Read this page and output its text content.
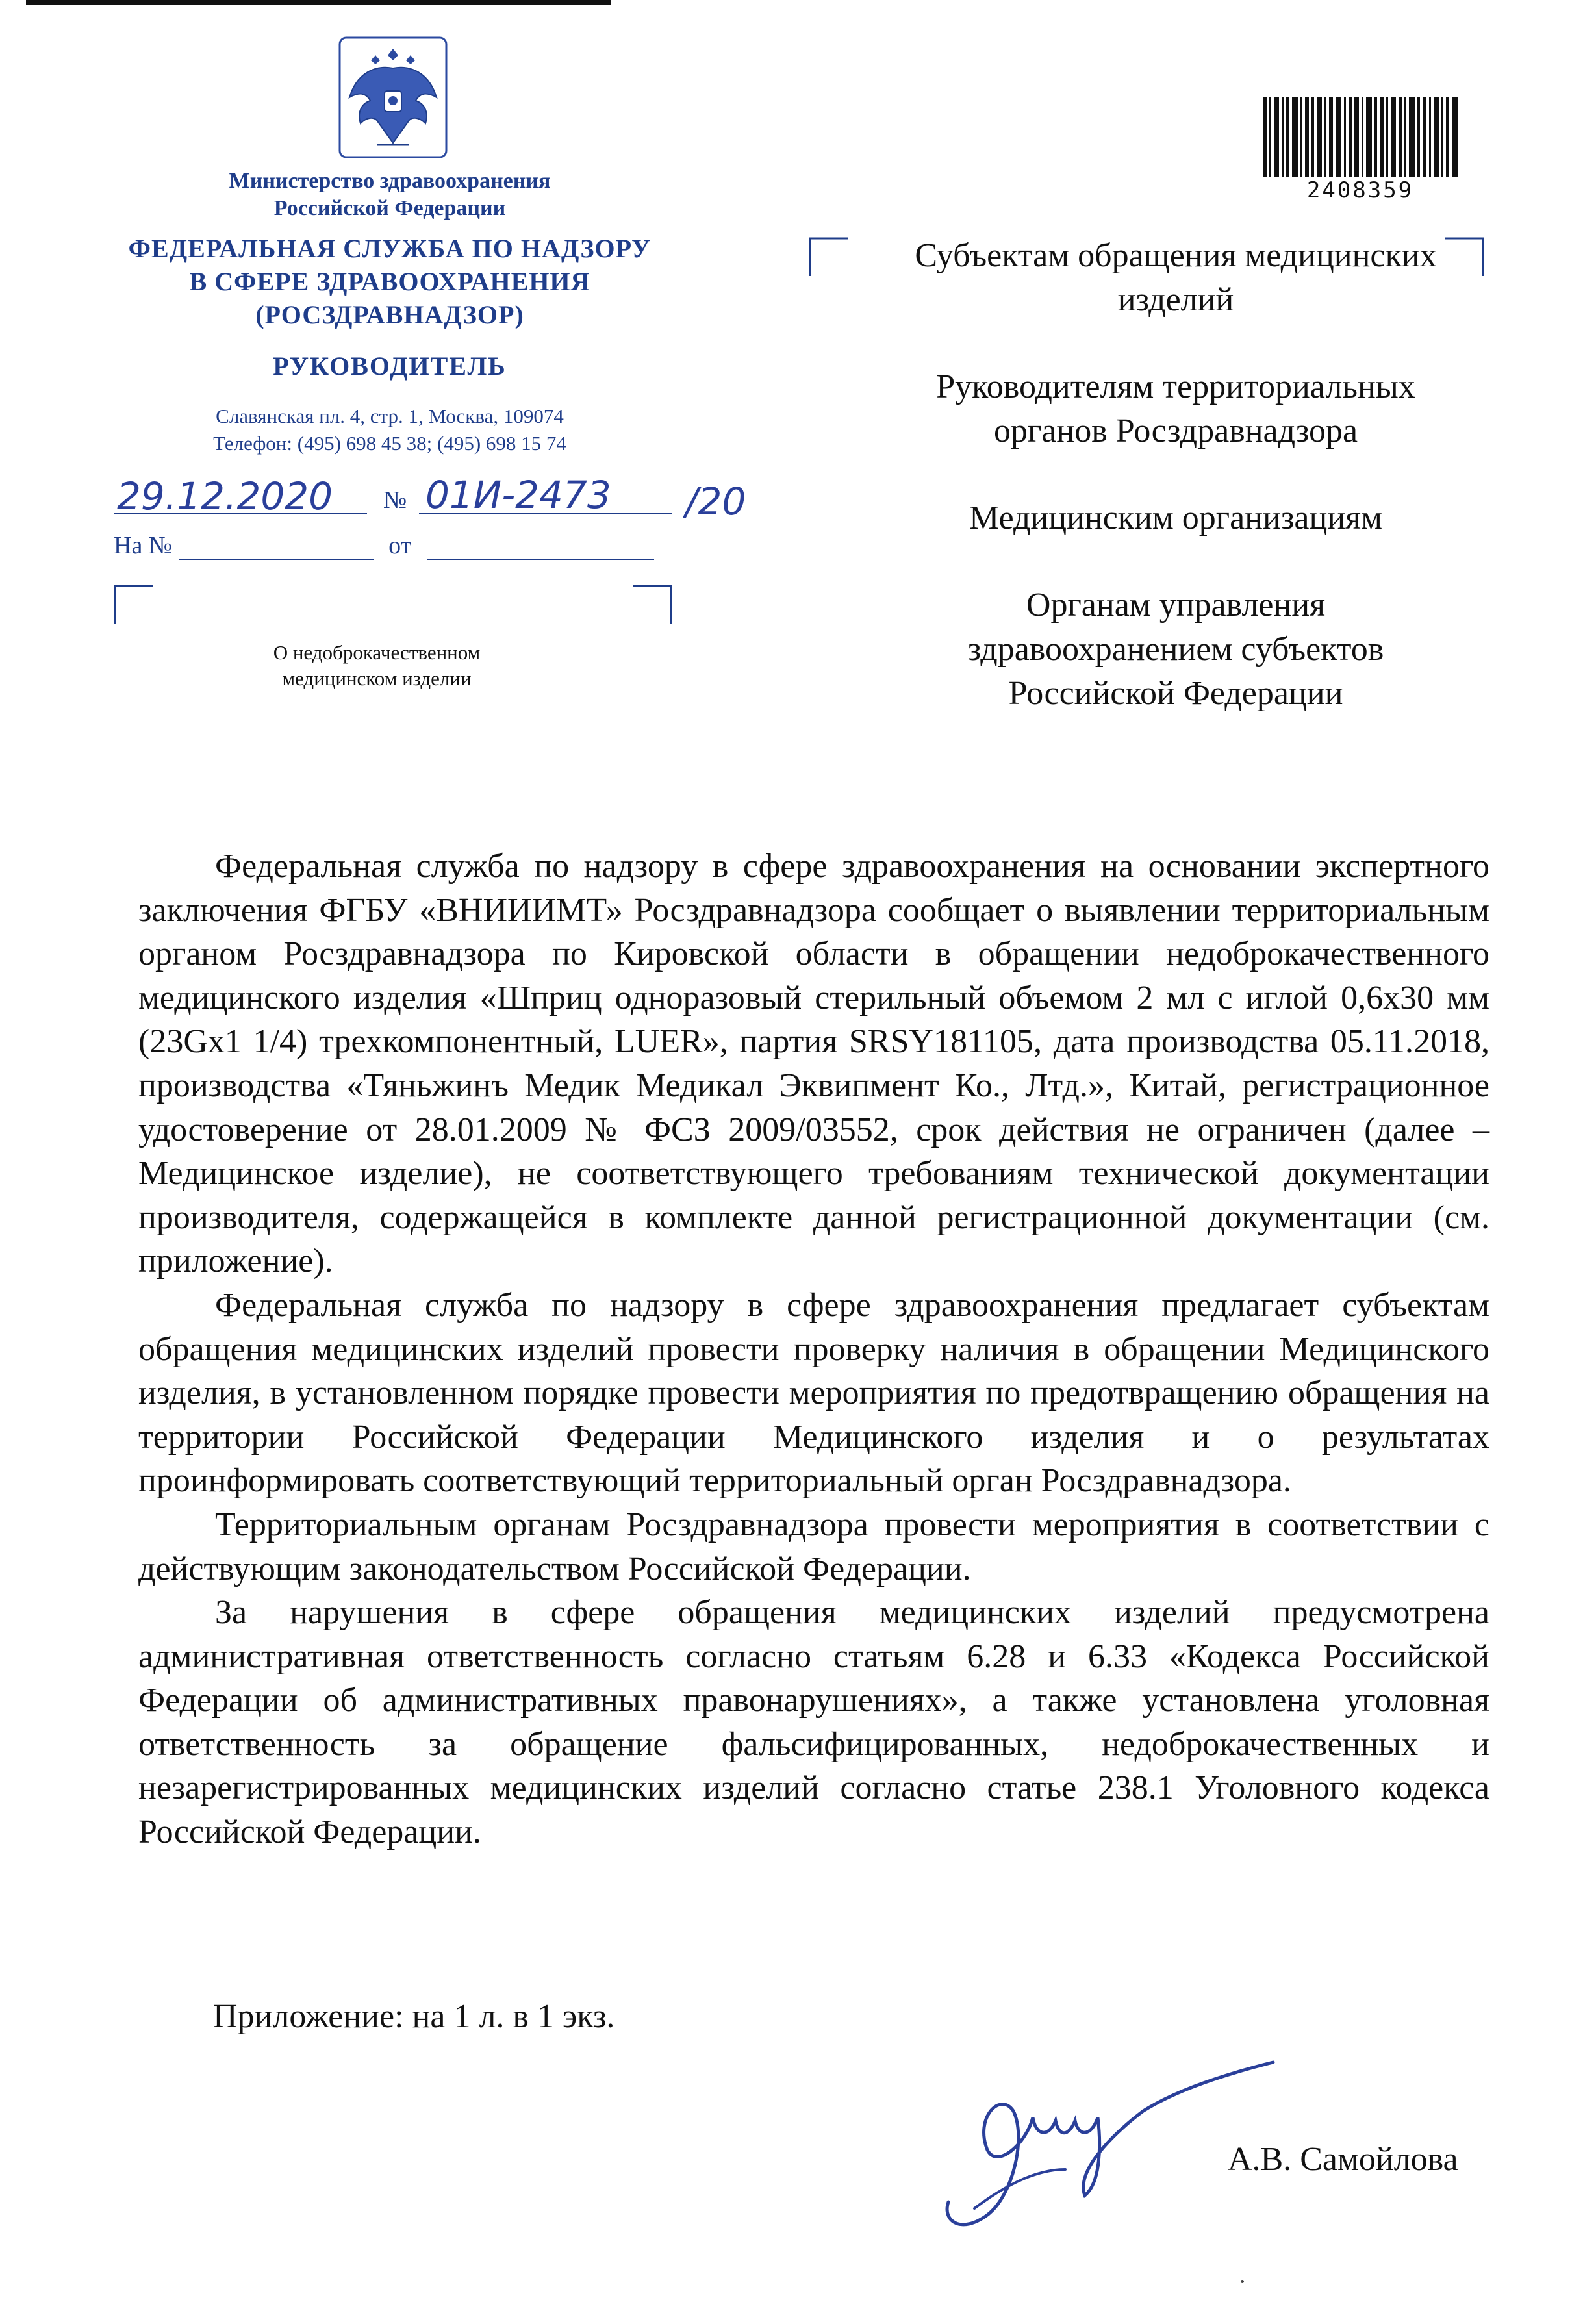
Министерство здравоохранения
Российской Федерации
ФЕДЕРАЛЬНАЯ СЛУЖБА ПО НАДЗОРУ
В СФЕРЕ ЗДРАВООХРАНЕНИЯ
(РОСЗДРАВНАДЗОР)
РУКОВОДИТЕЛЬ
Славянская пл. 4, стр. 1, Москва, 109074
Телефон: (495) 698 45 38; (495) 698 15 74
29.12.2020 № 01И-2473 /20
На №	от
О недоброкачественном
медицинском изделии
2408359

Субъектам обращения медицинских изделий

Руководителям территориальных органов Росздравнадзора

Медицинским организациям

Органам управления здравоохранением субъектов Российской Федерации

Федеральная служба по надзору в сфере здравоохранения на основании экспертного заключения ФГБУ «ВНИИИМТ» Росздравнадзора сообщает о выявлении территориальным органом Росздравнадзора по Кировской области в обращении недоброкачественного медицинского изделия «Шприц одноразовый стерильный объемом 2 мл с иглой 0,6x30 мм (23Gx1 1/4) трехкомпонентный, LUER», партия SRSY181105, дата производства 05.11.2018, производства «Тяньжинъ Медик Медикал Эквипмент Ко., Лтд.», Китай, регистрационное удостоверение от 28.01.2009 № ФСЗ 2009/03552, срок действия не ограничен (далее – Медицинское изделие), не соответствующего требованиям технической документации производителя, содержащейся в комплекте данной регистрационной документации (см. приложение).

Федеральная служба по надзору в сфере здравоохранения предлагает субъектам обращения медицинских изделий провести проверку наличия в обращении Медицинского изделия, в установленном порядке провести мероприятия по предотвращению обращения на территории Российской Федерации Медицинского изделия и о результатах проинформировать соответствующий территориальный орган Росздравнадзора.

Территориальным органам Росздравнадзора провести мероприятия в соответствии с действующим законодательством Российской Федерации.

За нарушения в сфере обращения медицинских изделий предусмотрена административная ответственность согласно статьям 6.28 и 6.33 «Кодекса Российской Федерации об административных правонарушениях», а также установлена уголовная ответственность за обращение фальсифицированных, недоброкачественных и незарегистрированных медицинских изделий согласно статье 238.1 Уголовного кодекса Российской Федерации.

Приложение: на 1 л. в 1 экз.
А.В. Самойлова
